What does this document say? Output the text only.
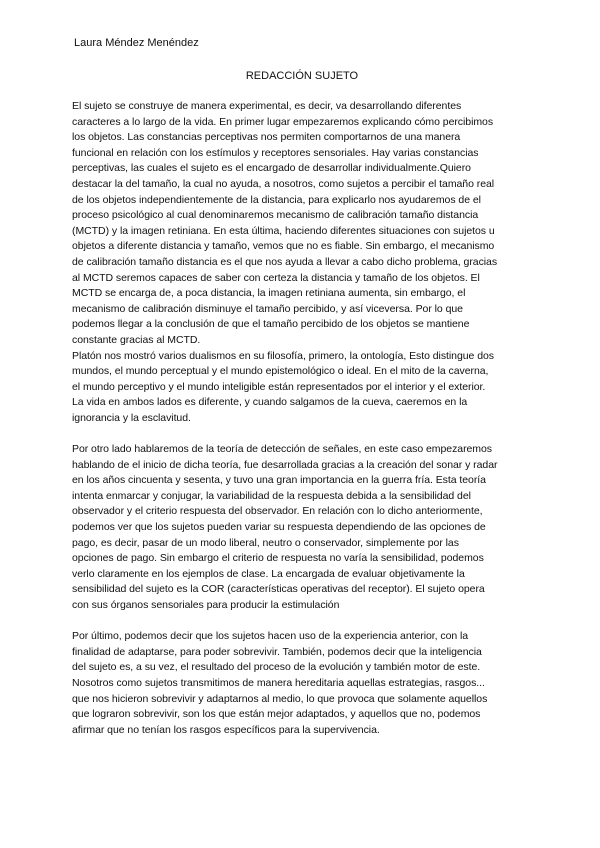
Laura Méndez Menéndez

REDACCIÓN SUJETO
El sujeto se construye de manera experimental, es decir, va desarrollando diferentes
caracteres a lo largo de la vida. En primer lugar empezaremos explicando cómo percibimos
los objetos. Las constancias perceptivas nos permiten comportarnos de una manera
funcional en relación con los estímulos y receptores sensoriales. Hay varias constancias
perceptivas, las cuales el sujeto es el encargado de desarrollar individualmente.Quiero
destacar la del tamaño, la cual no ayuda, a nosotros, como sujetos a percibir el tamaño real
de los objetos independientemente de la distancia, para explicarlo nos ayudaremos de el
proceso psicológico al cual denominaremos mecanismo de calibración tamaño distancia
(MCTD) y la imagen retiniana. En esta última, haciendo diferentes situaciones con sujetos u
objetos a diferente distancia y tamaño, vemos que no es fiable. Sin embargo, el mecanismo
de calibración tamaño distancia es el que nos ayuda a llevar a cabo dicho problema, gracias
al MCTD seremos capaces de saber con certeza la distancia y tamaño de los objetos. El
MCTD se encarga de, a poca distancia, la imagen retiniana aumenta, sin embargo, el
mecanismo de calibración disminuye el tamaño percibido, y así viceversa. Por lo que
podemos llegar a la conclusión de que el tamaño percibido de los objetos se mantiene
constante gracias al MCTD.
Platón nos mostró varios dualismos en su filosofía, primero, la ontología, Esto distingue dos
mundos, el mundo perceptual y el mundo epistemológico o ideal. En el mito de la caverna,
el mundo perceptivo y el mundo inteligible están representados por el interior y el exterior.
La vida en ambos lados es diferente, y cuando salgamos de la cueva, caeremos en la
ignorancia y la esclavitud.
Por otro lado hablaremos de la teoría de detección de señales, en este caso empezaremos
hablando de el inicio de dicha teoría, fue desarrollada gracias a la creación del sonar y radar
en los años cincuenta y sesenta, y tuvo una gran importancia en la guerra fría. Esta teoría
intenta enmarcar y conjugar, la variabilidad de la respuesta debida a la sensibilidad del
observador y el criterio respuesta del observador. En relación con lo dicho anteriormente,
podemos ver que los sujetos pueden variar su respuesta dependiendo de las opciones de
pago, es decir, pasar de un modo liberal, neutro o conservador, simplemente por las
opciones de pago. Sin embargo el criterio de respuesta no varía la sensibilidad, podemos
verlo claramente en los ejemplos de clase. La encargada de evaluar objetivamente la
sensibilidad del sujeto es la COR (características operativas del receptor). El sujeto opera
con sus órganos sensoriales para producir la estimulación
Por último, podemos decir que los sujetos hacen uso de la experiencia anterior, con la
finalidad de adaptarse, para poder sobrevivir. También, podemos decir que la inteligencia
del sujeto es, a su vez, el resultado del proceso de la evolución y también motor de este.
Nosotros como sujetos transmitimos de manera hereditaria aquellas estrategias, rasgos...
que nos hicieron sobrevivir y adaptarnos al medio, lo que provoca que solamente aquellos
que lograron sobrevivir, son los que están mejor adaptados, y aquellos que no, podemos
afirmar que no tenían los rasgos específicos para la supervivencia.
